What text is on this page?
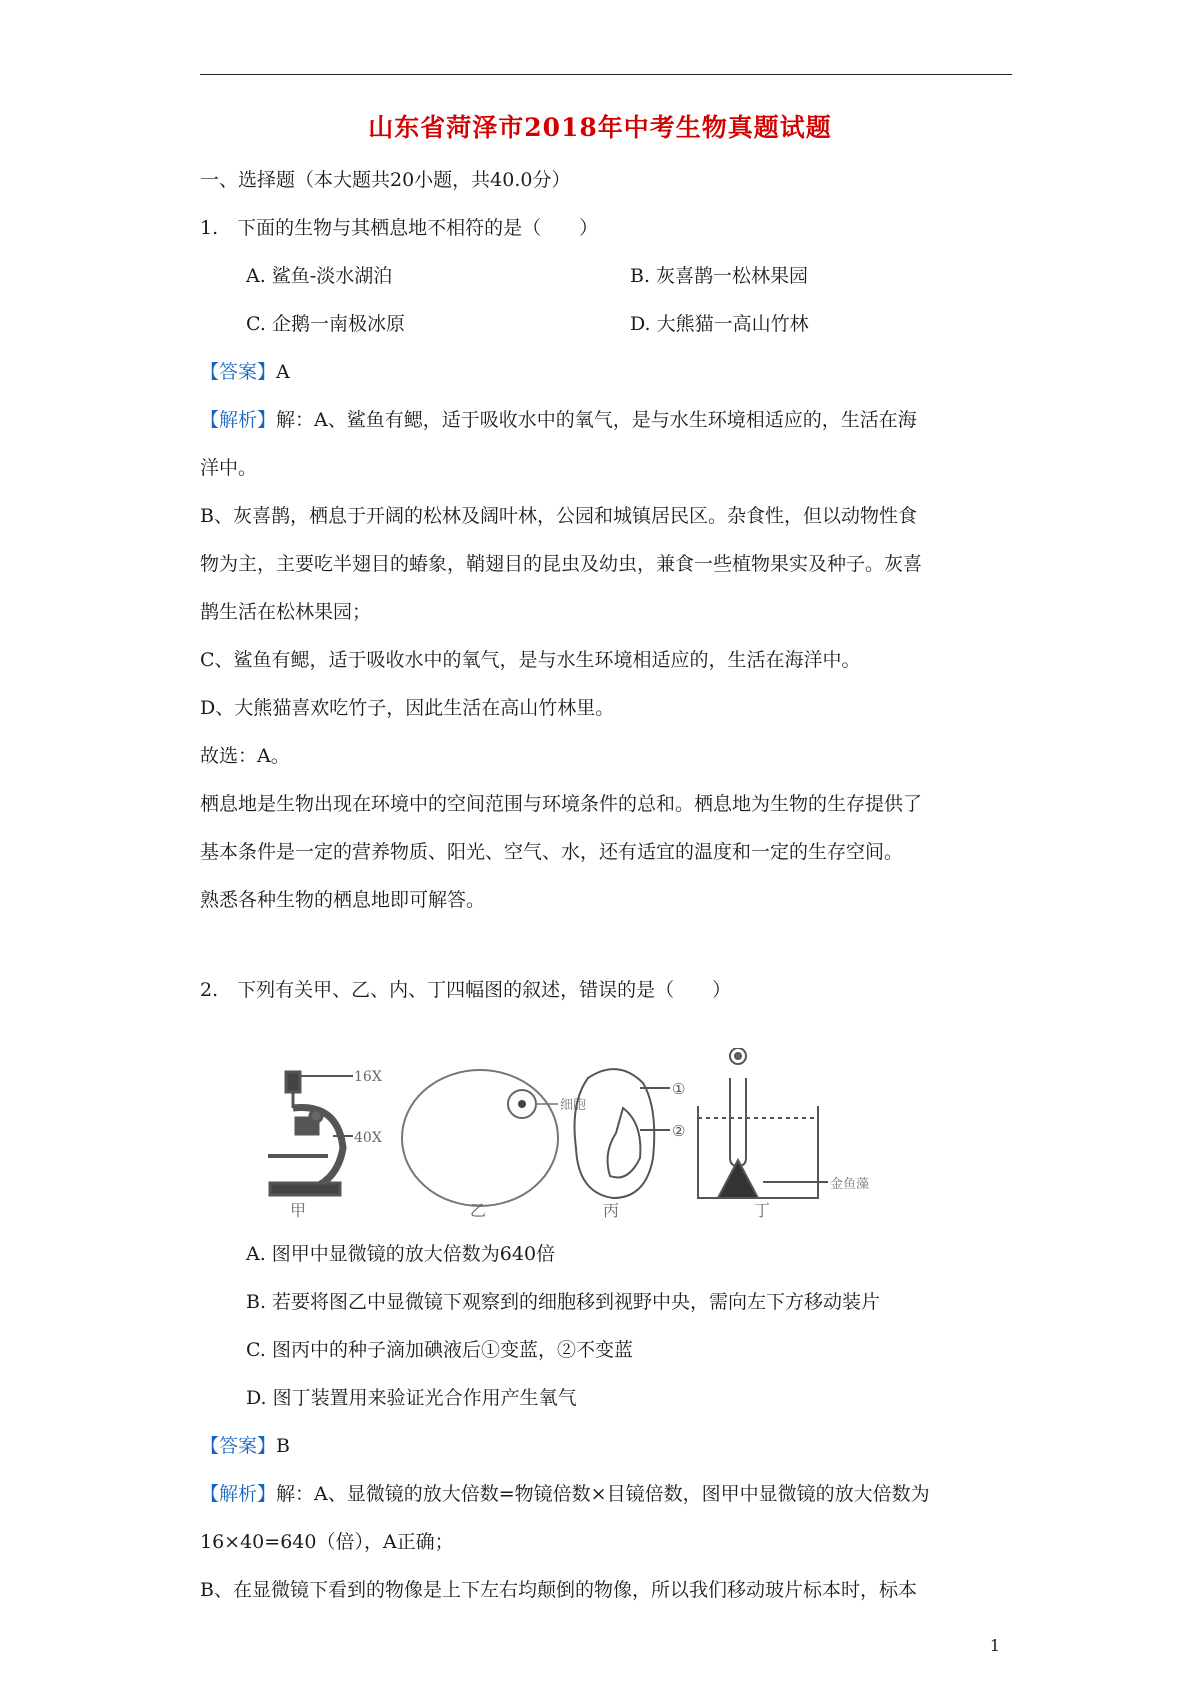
山东省菏泽市2018年中考生物真题试题
一、选择题（本大题共20小题，共40.0分）
1.　下面的生物与其栖息地不相符的是（　　）
A. 鲨鱼-淡水湖泊	B. 灰喜鹊一松林果园
C. 企鹅一南极冰原	D. 大熊猫一高山竹林
【答案】A
【解析】解：A、鲨鱼有鳃，适于吸收水中的氧气，是与水生环境相适应的，生活在海
洋中。
B、灰喜鹊，栖息于开阔的松林及阔叶林，公园和城镇居民区。杂食性，但以动物性食
物为主，主要吃半翅目的蝽象，鞘翅目的昆虫及幼虫，兼食一些植物果实及种子。灰喜
鹊生活在松林果园；
C、鲨鱼有鳃，适于吸收水中的氧气，是与水生环境相适应的，生活在海洋中。
D、大熊猫喜欢吃竹子，因此生活在高山竹林里。
故选：A。
栖息地是生物出现在环境中的空间范围与环境条件的总和。栖息地为生物的生存提供了
基本条件是一定的营养物质、阳光、空气、水，还有适宜的温度和一定的生存空间。
熟悉各种生物的栖息地即可解答。
2.　下列有关甲、乙、内、丁四幅图的叙述，错误的是（　　）
16X
40X
细胞
①
②
金鱼藻
甲	乙	丙	丁
A. 图甲中显微镜的放大倍数为640倍
B. 若要将图乙中显微镜下观察到的细胞移到视野中央，需向左下方移动装片
C. 图丙中的种子滴加碘液后①变蓝，②不变蓝
D. 图丁装置用来验证光合作用产生氧气
【答案】B
【解析】解：A、显微镜的放大倍数=物镜倍数×目镜倍数，图甲中显微镜的放大倍数为
16×40=640（倍），A正确；
B、在显微镜下看到的物像是上下左右均颠倒的物像，所以我们移动玻片标本时，标本
1
